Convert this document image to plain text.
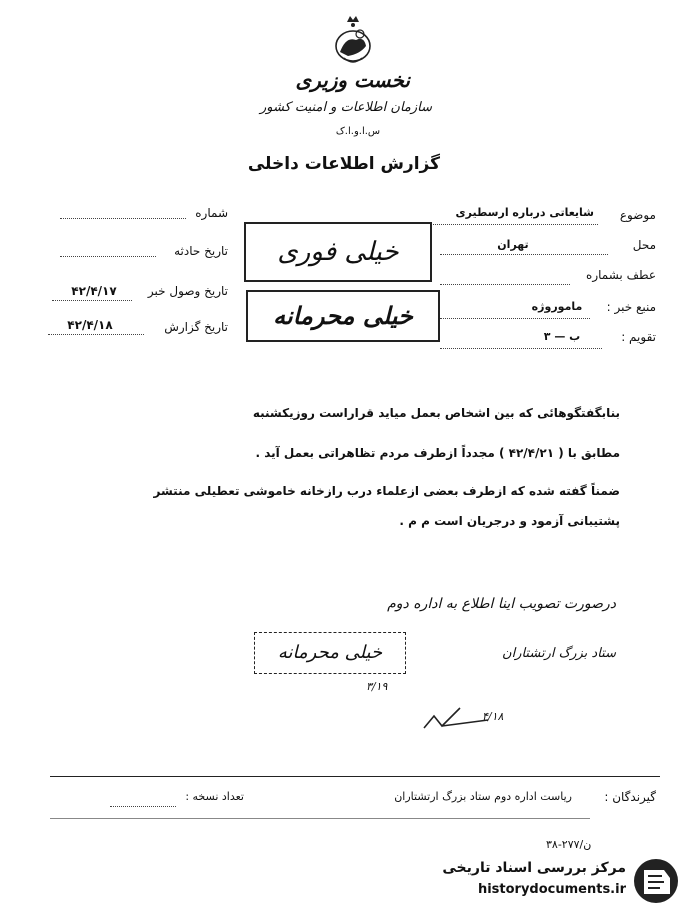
نخست وزیری
سازمان اطلاعات و امنیت کشور
س.ا.و.ا.ک
گزارش اطلاعات داخلی
موضوع
شایعاتی درباره ارسطیری
محل
تهران
عطف بشماره
منبع خبر :
ماموروژه
تقویم :
ب — ٣
شماره
تاریخ حادثه
تاریخ وصول خبر
۴۲/۴/۱۷
تاریخ گزارش
۴۲/۴/۱۸
خیلی فوری
خیلی محرمانه
بنابگفتگوهائی که بین اشخاص بعمل میاید قراراست روزیکشنبه
مطابق با ( ۴۲/۴/۲۱ ) مجدداً ازطرف مردم تظاهراتی بعمل آید .
ضمناً گفته شده که ازطرف بعضی ازعلماء درب رازخانه خاموشی تعطیلی منتشر
پشتیبانی آزمود و درجریان است م م .
درصورت تصویب اینا اطلاع به اداره دوم
خیلی محرمانه	ستاد بزرگ ارتشتاران
۳/۱۹
۴/۱۸
گیرندگان :
ریاست اداره دوم ستاد بزرگ ارتشتاران
تعداد نسخه :
۳۸-۲۷۷/ن
مرکز بررسی اسناد تاریخی
historydocuments.ir
